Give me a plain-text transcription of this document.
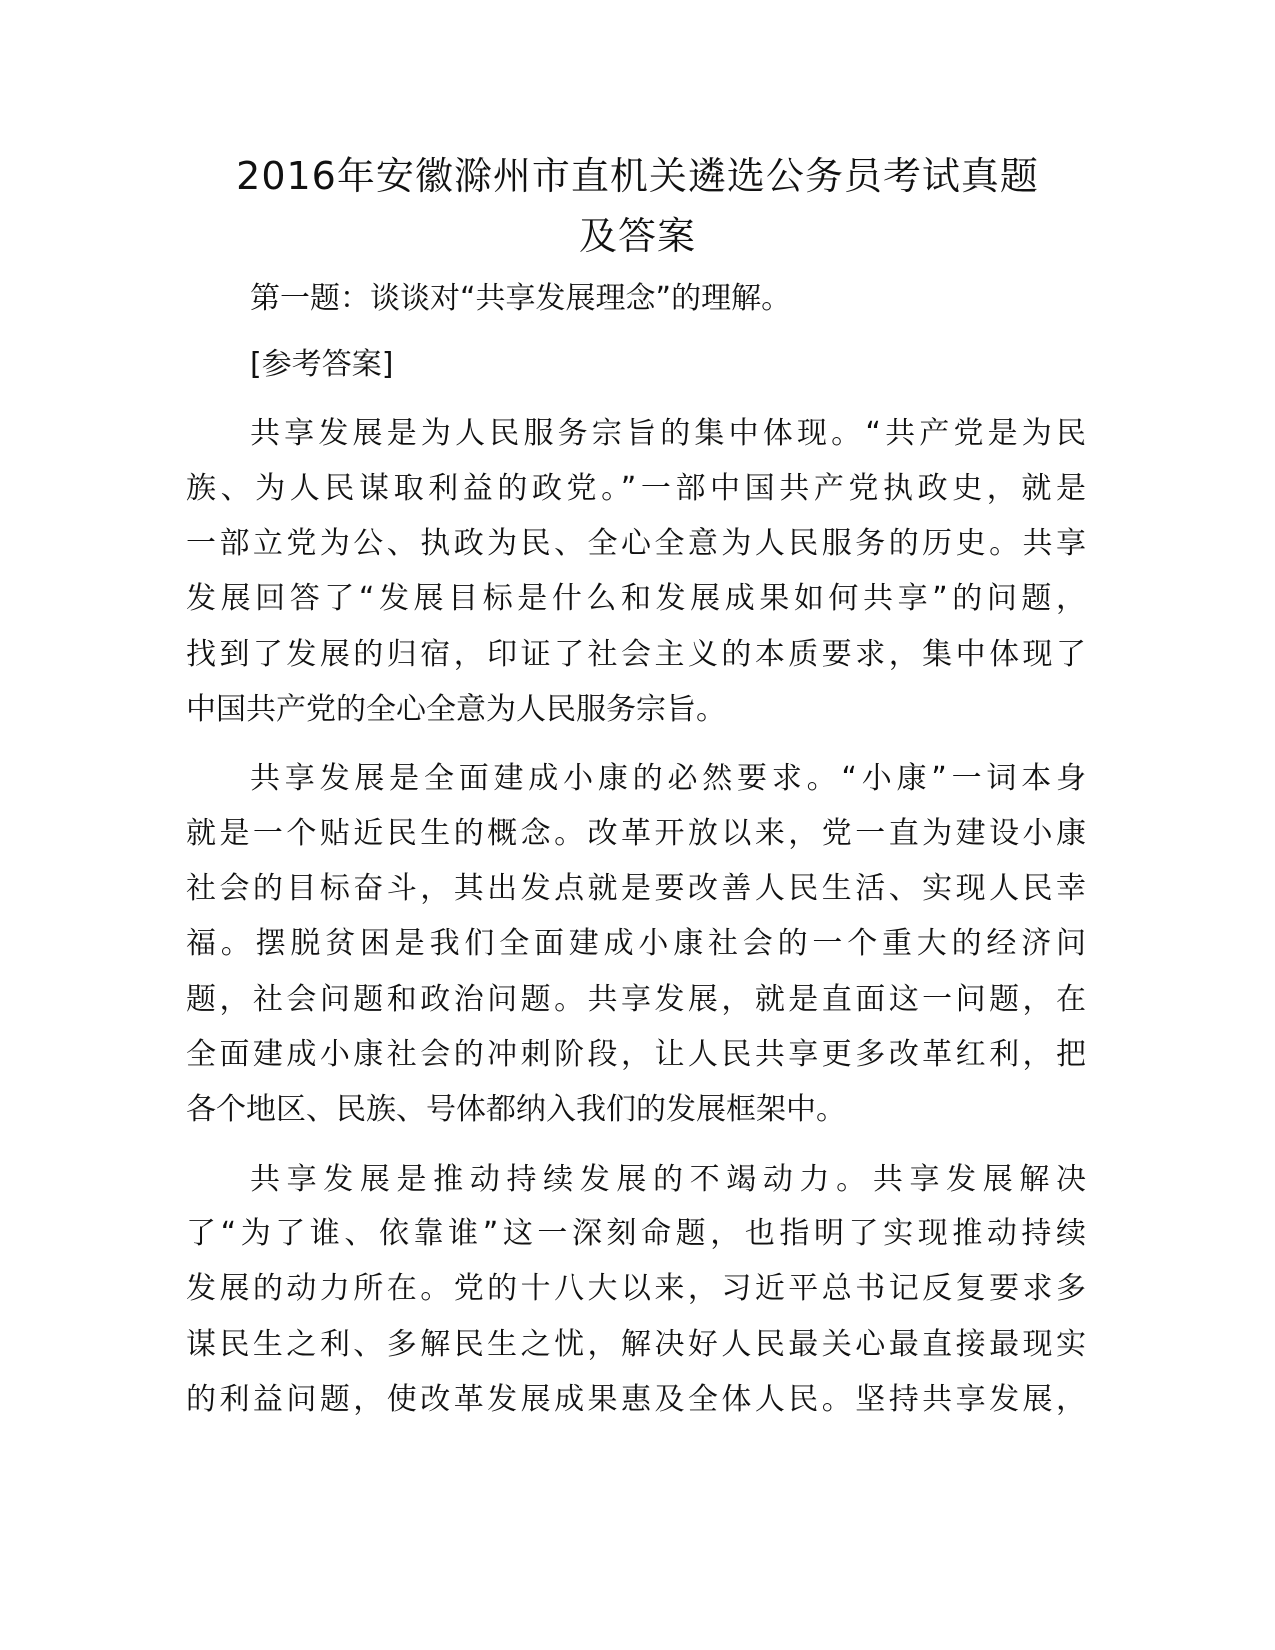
2016年安徽滁州市直机关遴选公务员考试真题
及答案

第一题：谈谈对“共享发展理念”的理解。

[参考答案]

共享发展是为人民服务宗旨的集中体现。“共产党是为民

族、为人民谋取利益的政党。”一部中国共产党执政史，就是

一部立党为公、执政为民、全心全意为人民服务的历史。共享

发展回答了“发展目标是什么和发展成果如何共享”的问题，

找到了发展的归宿，印证了社会主义的本质要求，集中体现了

中国共产党的全心全意为人民服务宗旨。

共享发展是全面建成小康的必然要求。“小康”一词本身

就是一个贴近民生的概念。改革开放以来，党一直为建设小康

社会的目标奋斗，其出发点就是要改善人民生活、实现人民幸

福。摆脱贫困是我们全面建成小康社会的一个重大的经济问

题，社会问题和政治问题。共享发展，就是直面这一问题，在

全面建成小康社会的冲刺阶段，让人民共享更多改革红利，把

各个地区、民族、号体都纳入我们的发展框架中。

共享发展是推动持续发展的不竭动力。共享发展解决

了“为了谁、依靠谁”这一深刻命题，也指明了实现推动持续

发展的动力所在。党的十八大以来，习近平总书记反复要求多

谋民生之利、多解民生之忧，解决好人民最关心最直接最现实

的利益问题，使改革发展成果惠及全体人民。坚持共享发展，
